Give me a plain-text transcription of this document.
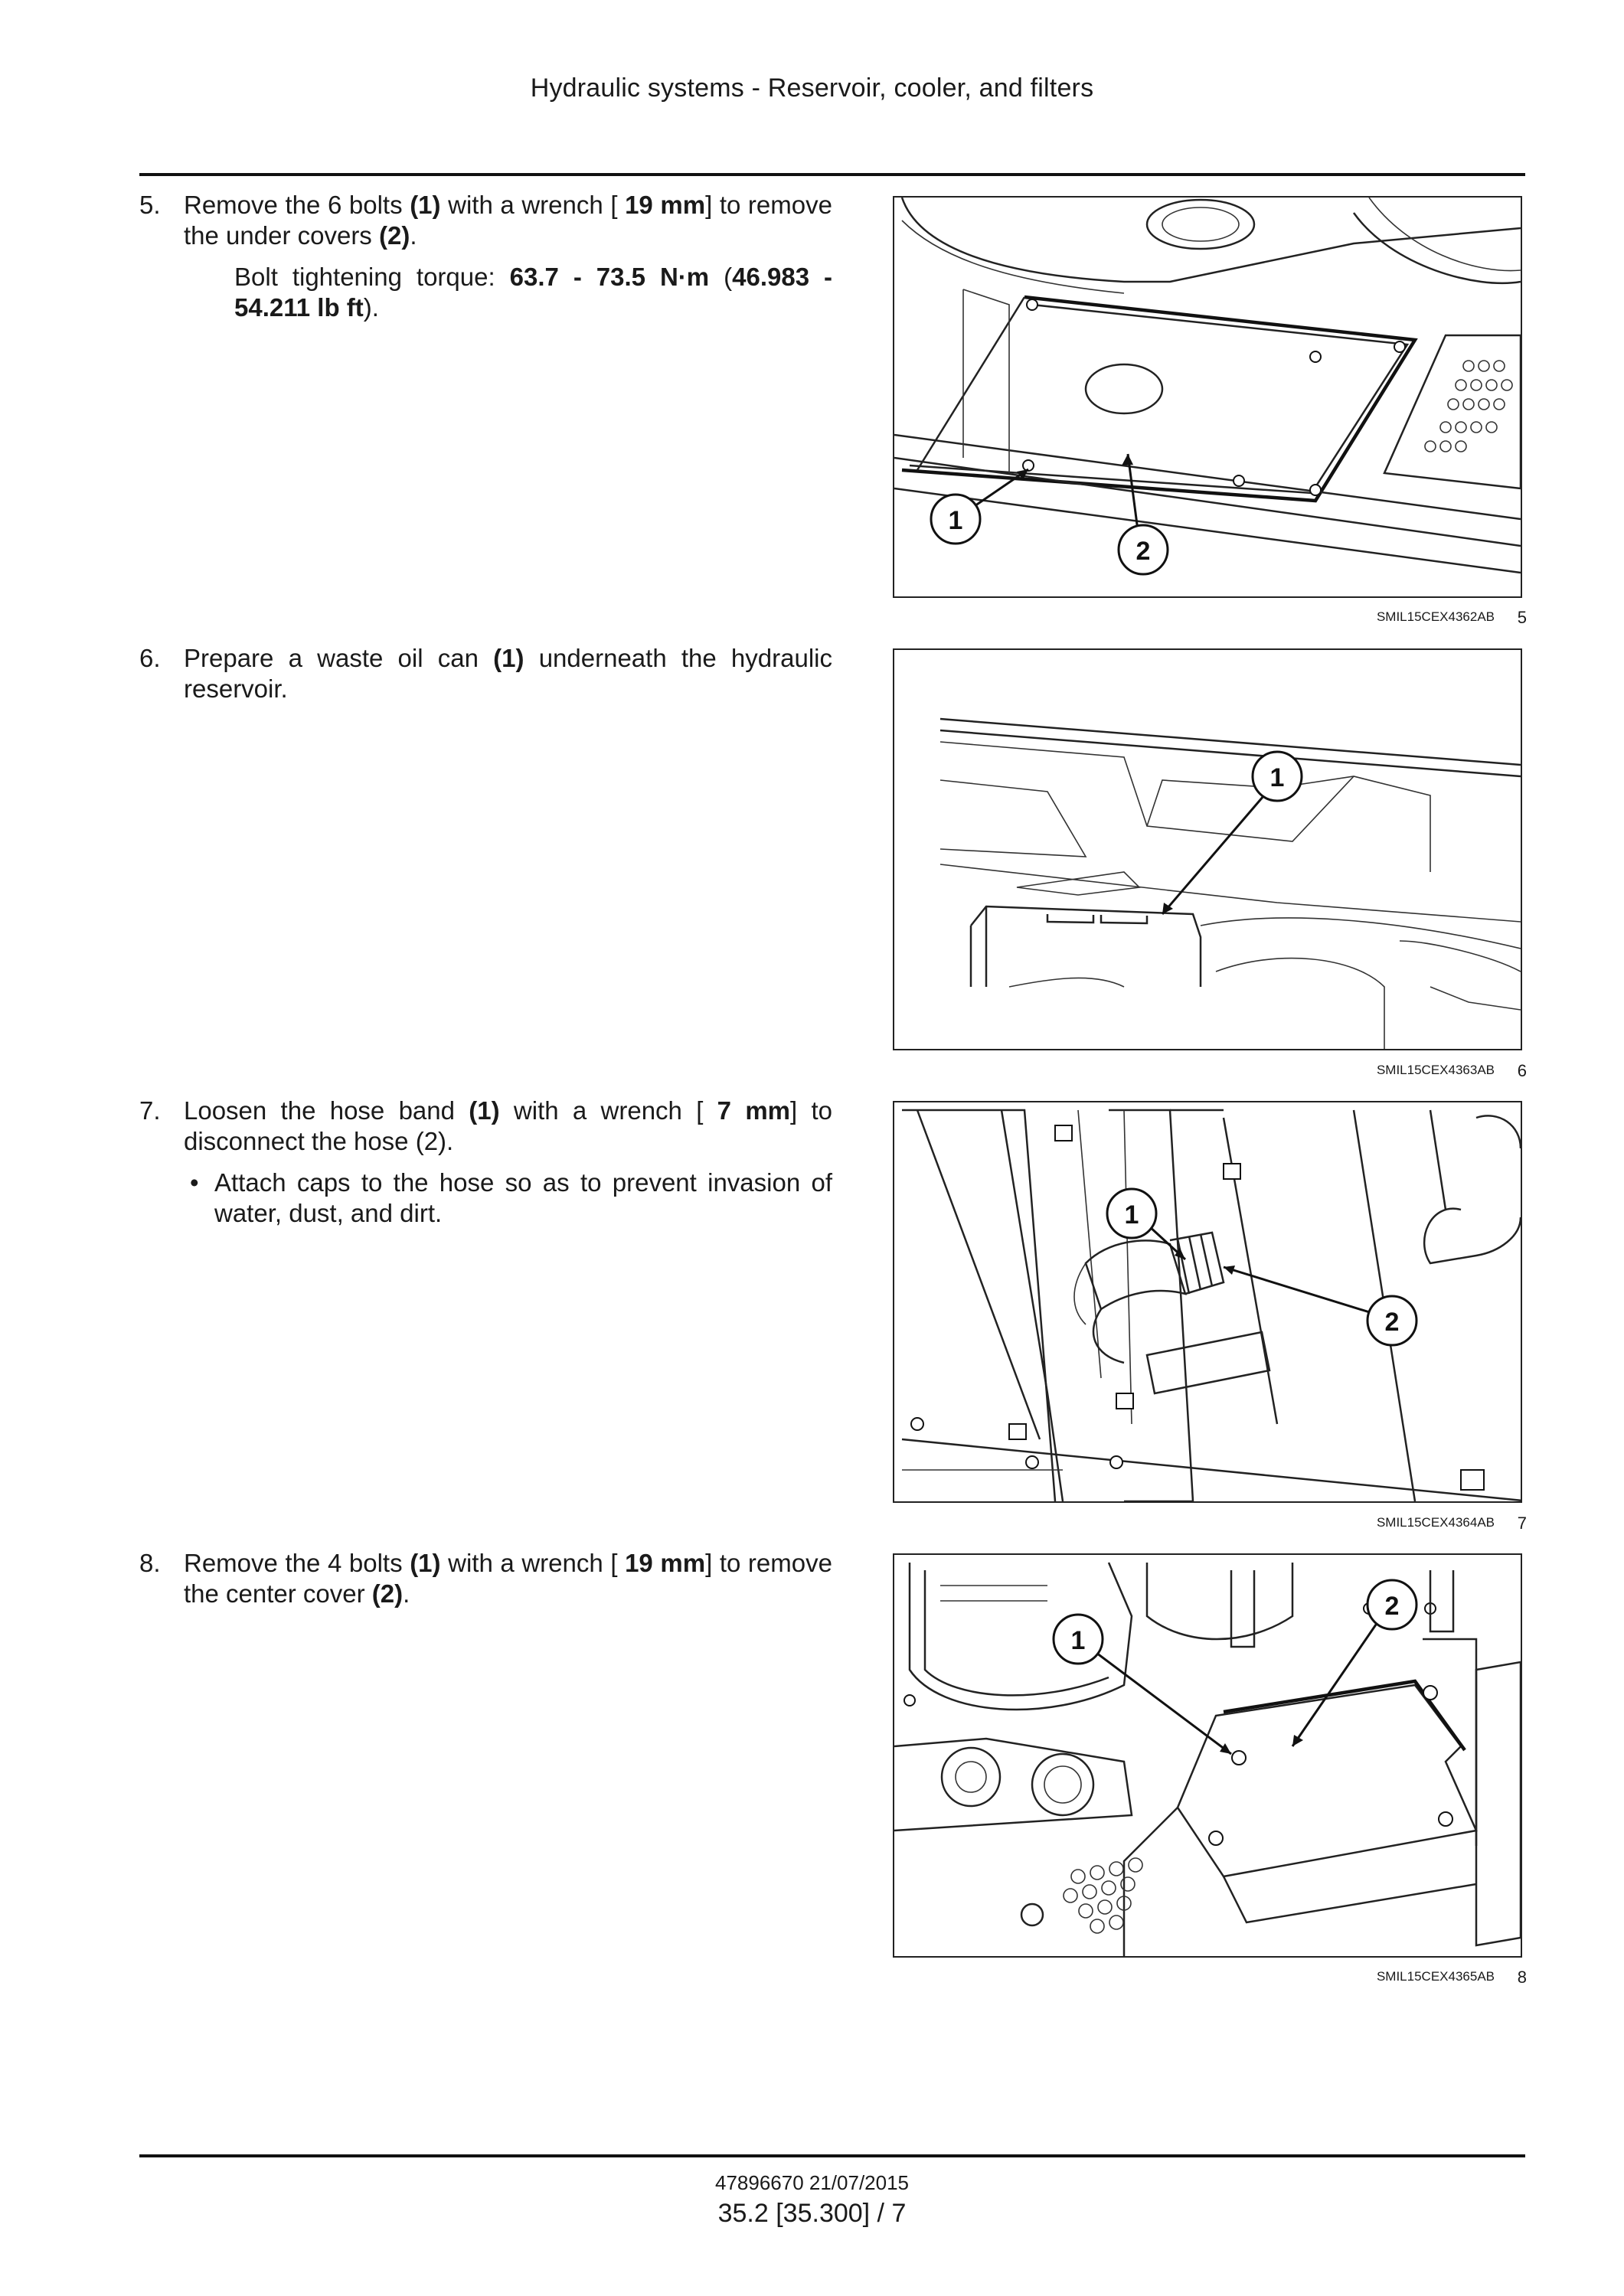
Hydraulic systems - Reservoir, cooler, and filters
5. Remove the 6 bolts (1) with a wrench [ 19 mm] to remove the under covers (2).
Bolt tightening torque: 63.7 - 73.5 N·m (46.983 - 54.211 lb ft).
1
2
SMIL15CEX4362AB 5
6. Prepare a waste oil can (1) underneath the hydraulic reservoir.
1
SMIL15CEX4363AB 6
7. Loosen the hose band (1) with a wrench [ 7 mm] to disconnect the hose (2).
• Attach caps to the hose so as to prevent invasion of water, dust, and dirt.	1
2
SMIL15CEX4364AB 7
8. Remove the 4 bolts (1) with a wrench [ 19 mm] to remove the center cover (2).
1
2
SMIL15CEX4365AB 8
47896670 21/07/2015
35.2 [35.300] / 7
